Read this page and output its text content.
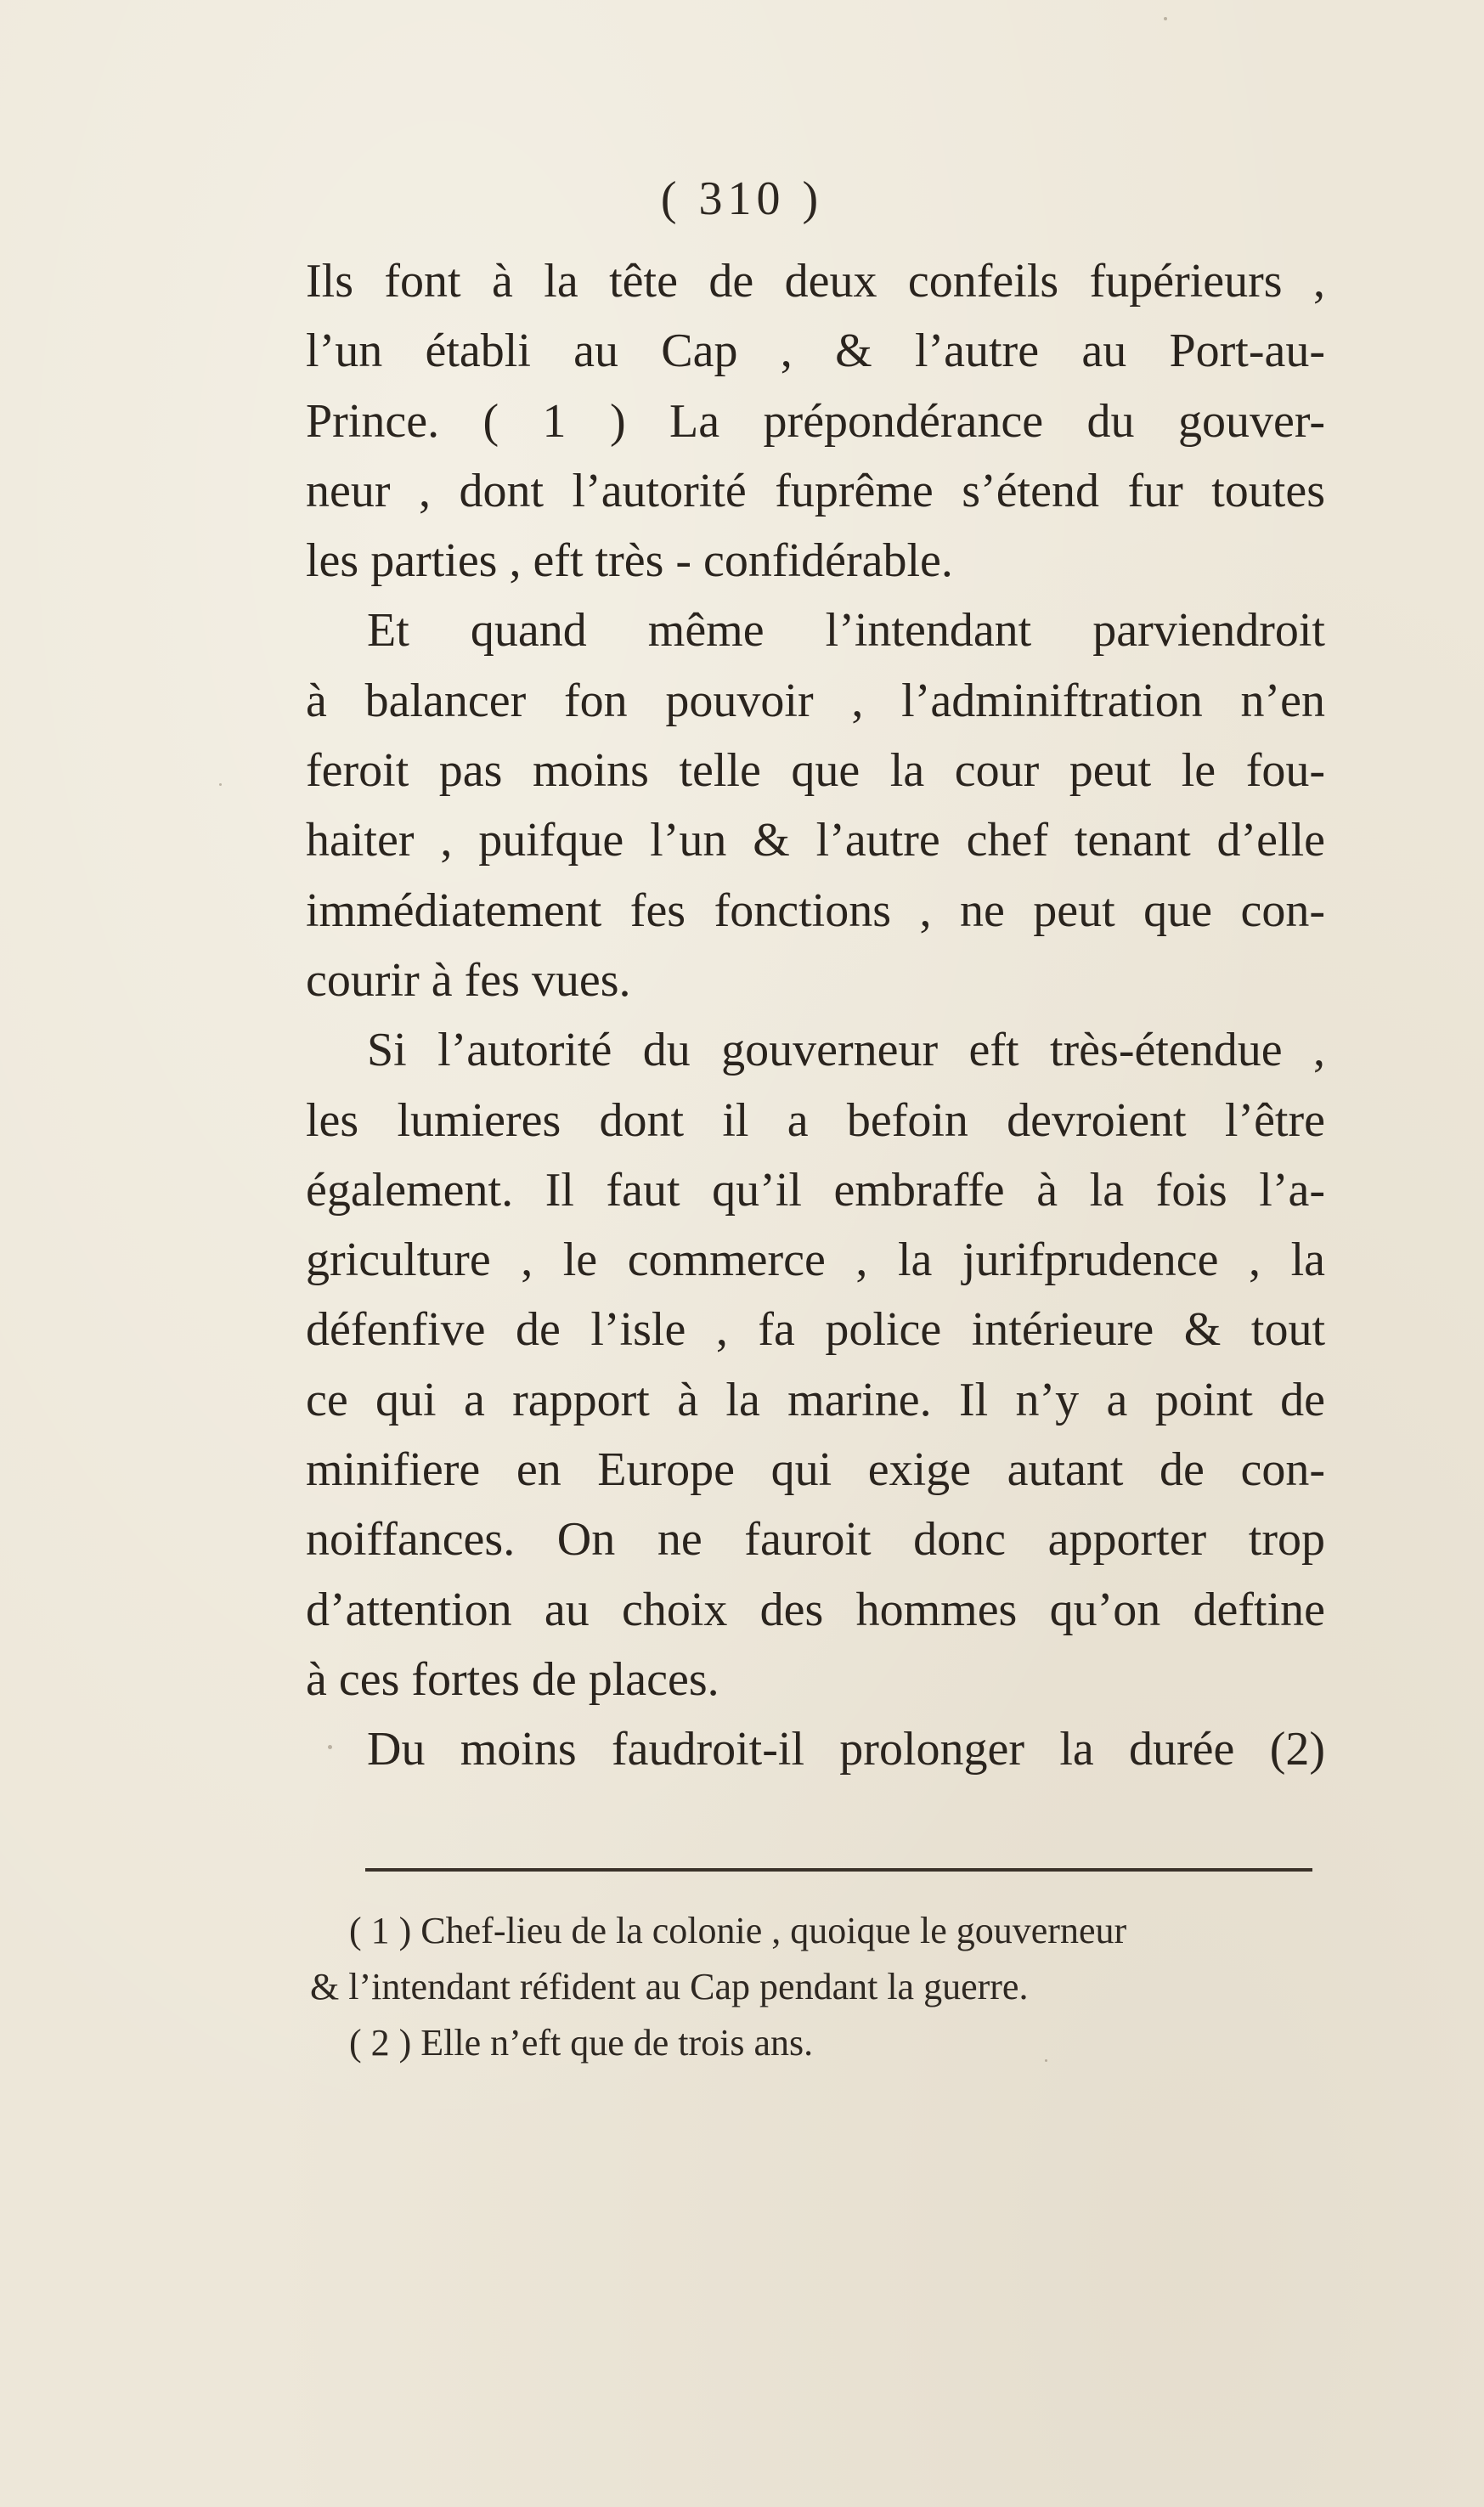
( 310 )
Ils font à la tête de deux confeils fupérieurs ,
l’un établi au Cap , & l’autre au Port-au-
Prince. ( 1 ) La prépondérance du gouver-
neur , dont l’autorité fuprême s’étend fur toutes
les parties , eft très - confidérable.
Et quand même l’intendant parviendroit
à balancer fon pouvoir , l’adminiftration n’en
feroit pas moins telle que la cour peut le fou-
haiter , puifque l’un & l’autre chef tenant d’elle
immédiatement fes fonctions , ne peut que con-
courir à fes vues.
Si l’autorité du gouverneur eft très-étendue ,
les lumieres dont il a befoin devroient l’être
également. Il faut qu’il embraffe à la fois l’a-
griculture , le commerce , la jurifprudence , la
défenfive de l’isle , fa police intérieure & tout
ce qui a rapport à la marine. Il n’y a point de
minifiere en Europe qui exige autant de con-
noiffances. On ne fauroit donc apporter trop
d’attention au choix des hommes qu’on deftine
à ces fortes de places.
Du moins faudroit-il prolonger la durée (2)
( 1 ) Chef-lieu de la colonie , quoique le gouverneur
& l’intendant réfident au Cap pendant la guerre.
( 2 ) Elle n’eft que de trois ans.
